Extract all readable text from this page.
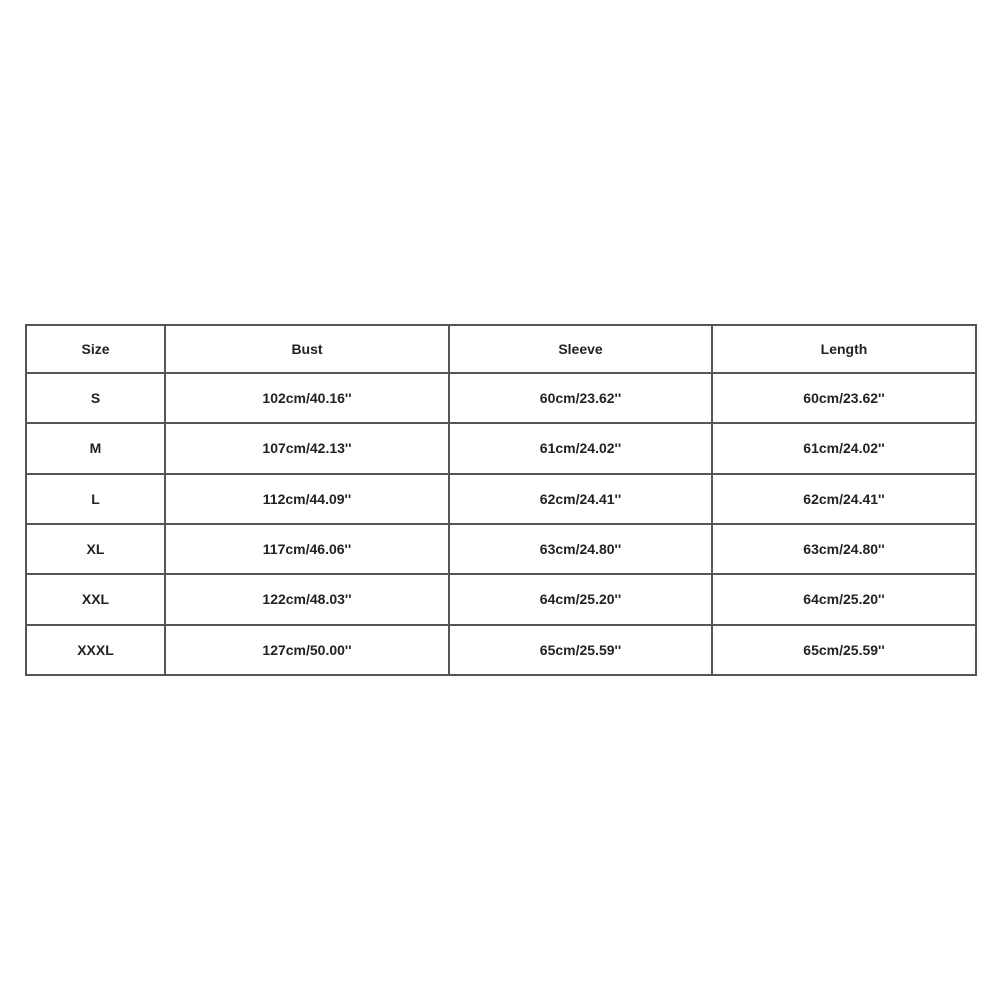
Size	Bust	Sleeve	Length
S	102cm/40.16''	60cm/23.62''	60cm/23.62''
M	107cm/42.13''	61cm/24.02''	61cm/24.02''
L	112cm/44.09''	62cm/24.41''	62cm/24.41''
XL	117cm/46.06''	63cm/24.80''	63cm/24.80''
XXL	122cm/48.03''	64cm/25.20''	64cm/25.20''
XXXL	127cm/50.00''	65cm/25.59''	65cm/25.59''
